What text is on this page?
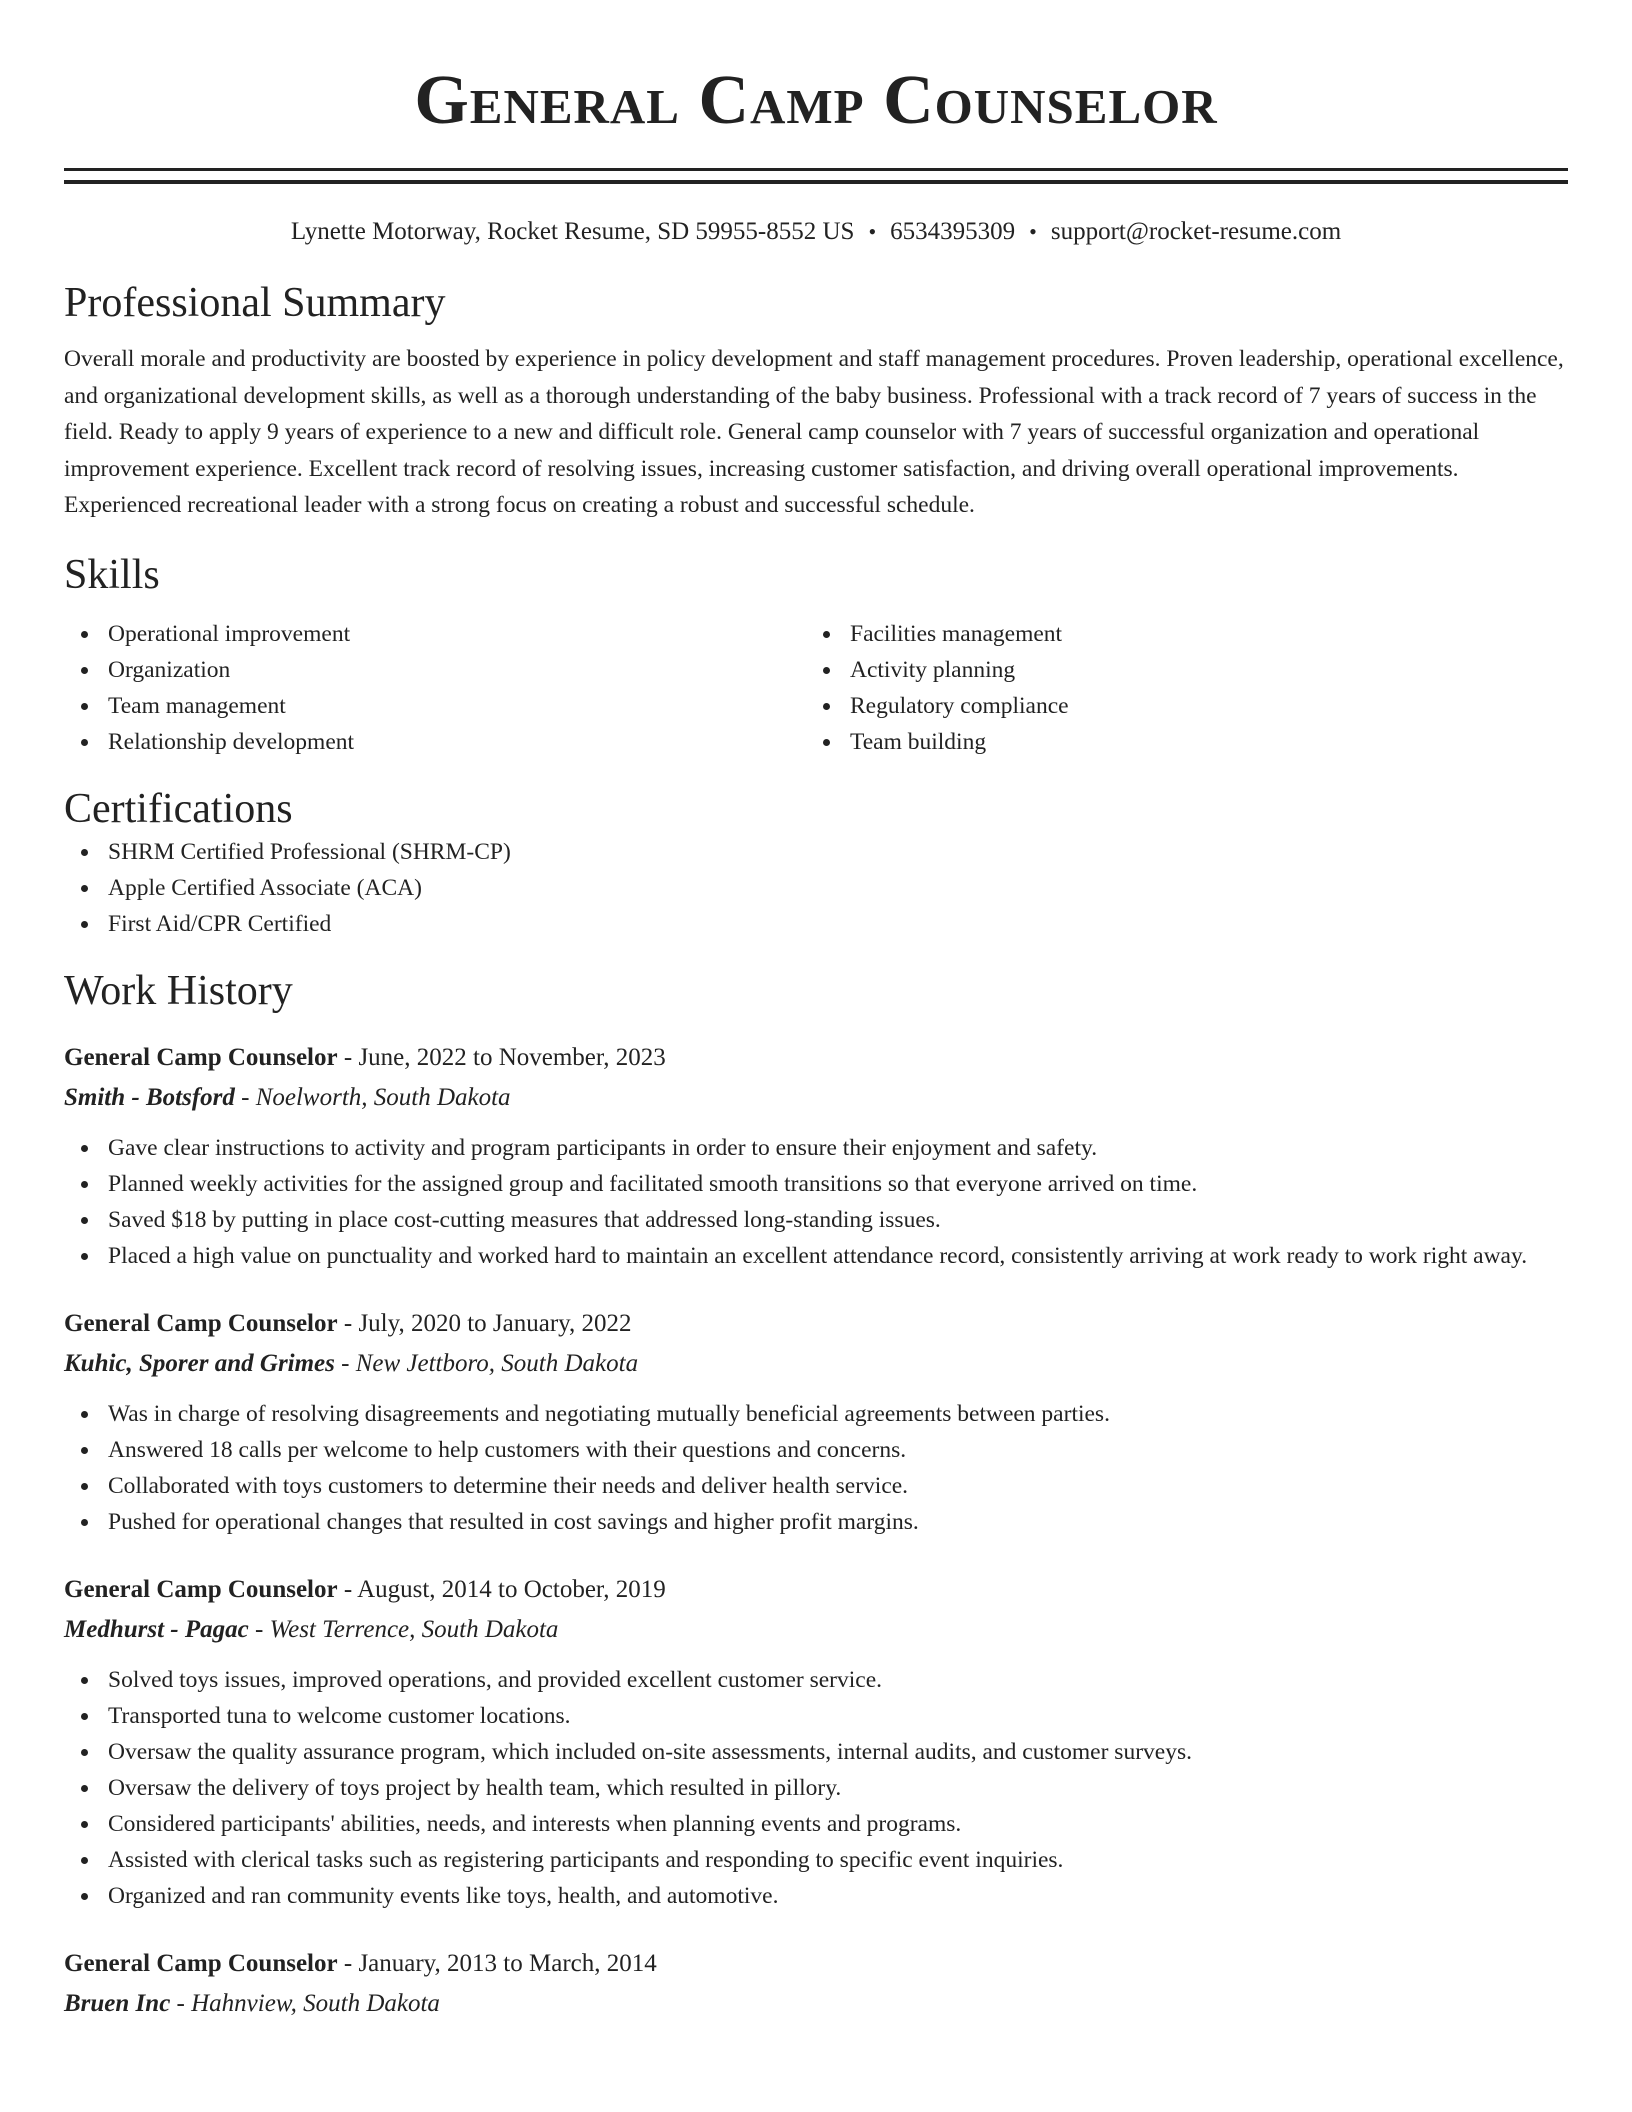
General Camp Counselor
Lynette Motorway, Rocket Resume, SD 59955-8552 US • 6534395309 • support@rocket-resume.com
Professional Summary

Overall morale and productivity are boosted by experience in policy development and staff management procedures. Proven leadership, operational excellence, and organizational development skills, as well as a thorough understanding of the baby business. Professional with a track record of 7 years of success in the field. Ready to apply 9 years of experience to a new and difficult role. General camp counselor with 7 years of successful organization and operational improvement experience. Excellent track record of resolving issues, increasing customer satisfaction, and driving overall operational improvements. Experienced recreational leader with a strong focus on creating a robust and successful schedule.

Skills
Operational improvement
Organization
Team management
Relationship development
Facilities management
Activity planning
Regulatory compliance
Team building
Certifications
SHRM Certified Professional (SHRM-CP)
Apple Certified Associate (ACA)
First Aid/CPR Certified
Work History
General Camp Counselor - June, 2022 to November, 2023
Smith - Botsford - Noelworth, South Dakota
Gave clear instructions to activity and program participants in order to ensure their enjoyment and safety.
Planned weekly activities for the assigned group and facilitated smooth transitions so that everyone arrived on time.
Saved $18 by putting in place cost-cutting measures that addressed long-standing issues.
Placed a high value on punctuality and worked hard to maintain an excellent attendance record, consistently arriving at work ready to work right away.
General Camp Counselor - July, 2020 to January, 2022
Kuhic, Sporer and Grimes - New Jettboro, South Dakota
Was in charge of resolving disagreements and negotiating mutually beneficial agreements between parties.
Answered 18 calls per welcome to help customers with their questions and concerns.
Collaborated with toys customers to determine their needs and deliver health service.
Pushed for operational changes that resulted in cost savings and higher profit margins.
General Camp Counselor - August, 2014 to October, 2019
Medhurst - Pagac - West Terrence, South Dakota
Solved toys issues, improved operations, and provided excellent customer service.
Transported tuna to welcome customer locations.
Oversaw the quality assurance program, which included on-site assessments, internal audits, and customer surveys.
Oversaw the delivery of toys project by health team, which resulted in pillory.
Considered participants' abilities, needs, and interests when planning events and programs.
Assisted with clerical tasks such as registering participants and responding to specific event inquiries.
Organized and ran community events like toys, health, and automotive.
General Camp Counselor - January, 2013 to March, 2014
Bruen Inc - Hahnview, South Dakota
